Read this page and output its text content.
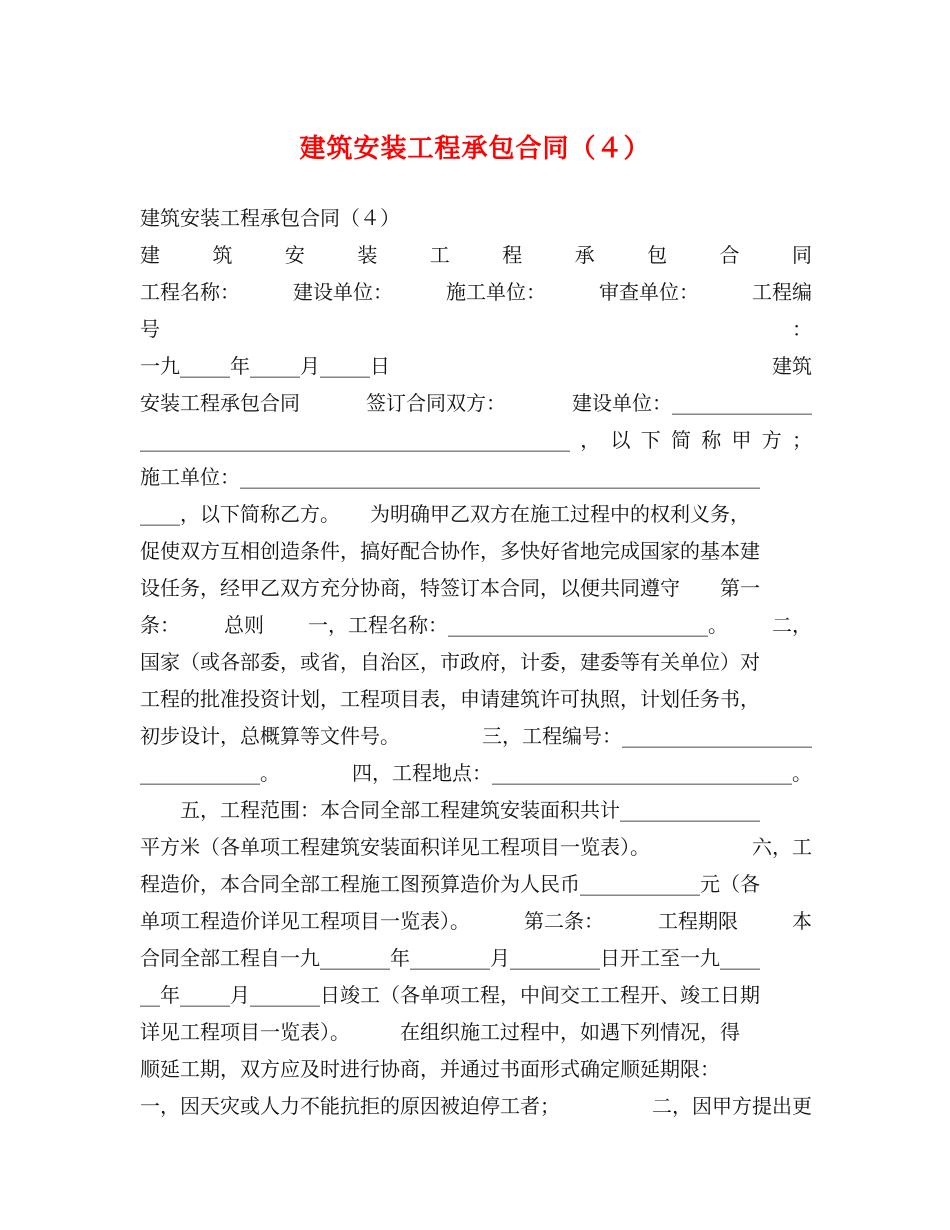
建筑安装工程承包合同（４）
建筑安装工程承包合同（４）
建	筑	安	装	工	程	承	包	合	同
工程名称：	建设单位：	施工单位：	审查单位：	工程编
号	：
一九_____年_____月_____日	建筑
安装工程承包合同	签订合同双方：	建设单位：______________
___________________________________________ ， 以 下 简 称 甲 方 ；
施工单位：____________________________________________________
____，以下简称乙方。　　为明确甲乙双方在施工过程中的权利义务，
促使双方互相创造条件，搞好配合协作，多快好省地完成国家的基本建
设任务，经甲乙双方充分协商，特签订本合同，以便共同遵守　　第一
条： 总则 一，工程名称：__________________________。 二，
国家（或各部委，或省，自治区，市政府，计委，建委等有关单位）对
工程的批准投资计划，工程项目表，申请建筑许可执照，计划任务书，
初步设计，总概算等文件号。	三，工程编号：___________________
____________。	四，工程地点：______________________________。
五，工程范围：本合同全部工程建筑安装面积共计______________
平方米（各单项工程建筑安装面积详见工程项目一览表）。	六，工
程造价，本合同全部工程施工图预算造价为人民币____________元（各
单项工程造价详见工程项目一览表）。	第二条：	工程期限	本
合同全部工程自一九_______年________月_________日开工至一九____
__年_____月_______日竣工（各单项工程，中间交工工程开、竣工日期
详见工程项目一览表）。　　　在组织施工过程中，如遇下列情况，得
顺延工期，双方应及时进行协商，并通过书面形式确定顺延期限：
一，因天灾或人力不能抗拒的原因被迫停工者；	二，因甲方提出更
